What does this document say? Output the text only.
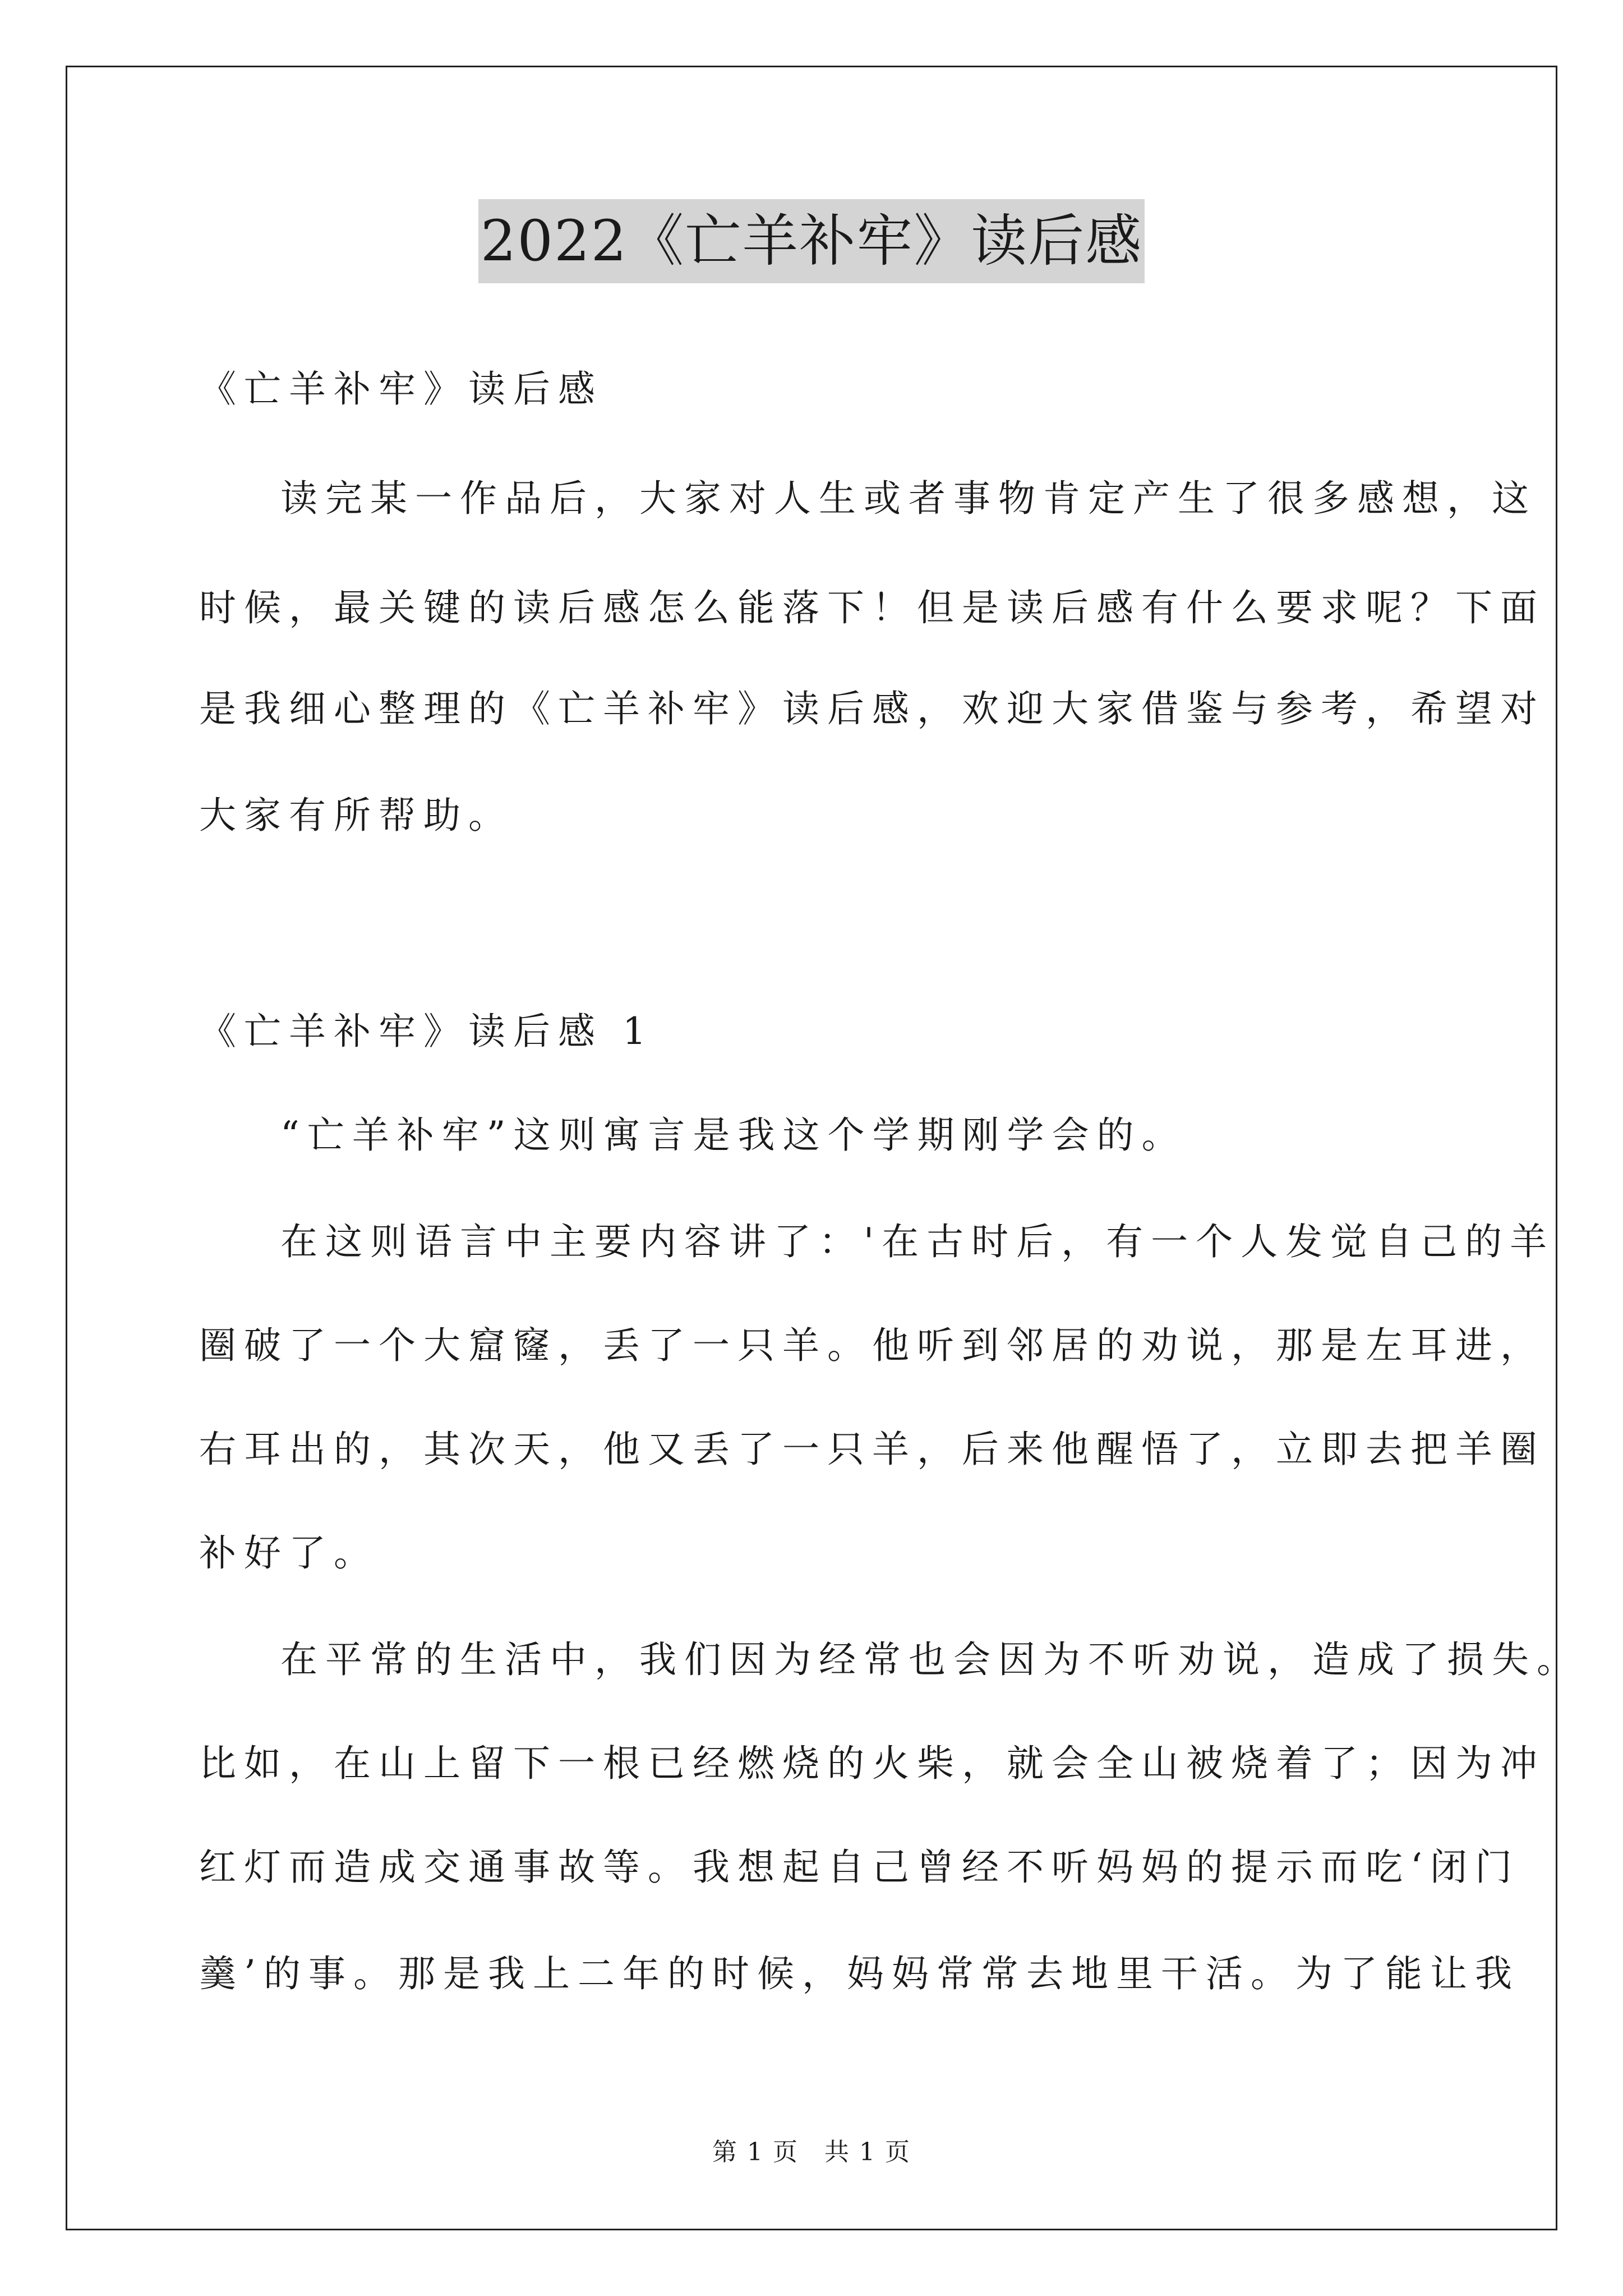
2022《亡羊补牢》读后感
《亡羊补牢》读后感
读完某一作品后，大家对人生或者事物肯定产生了很多感想，这
时候，最关键的读后感怎么能落下！但是读后感有什么要求呢？下面
是我细心整理的《亡羊补牢》读后感，欢迎大家借鉴与参考，希望对
大家有所帮助。
《亡羊补牢》读后感 1
“亡羊补牢”这则寓言是我这个学期刚学会的。
在这则语言中主要内容讲了：'在古时后，有一个人发觉自己的羊
圈破了一个大窟窿，丢了一只羊。他听到邻居的劝说，那是左耳进，
右耳出的，其次天，他又丢了一只羊，后来他醒悟了，立即去把羊圈
补好了。
在平常的生活中，我们因为经常也会因为不听劝说，造成了损失。
比如，在山上留下一根已经燃烧的火柴，就会全山被烧着了；因为冲
红灯而造成交通事故等。我想起自己曾经不听妈妈的提示而吃‘闭门
羹’的事。那是我上二年的时候，妈妈常常去地里干活。为了能让我
第 1 页　共 1 页
